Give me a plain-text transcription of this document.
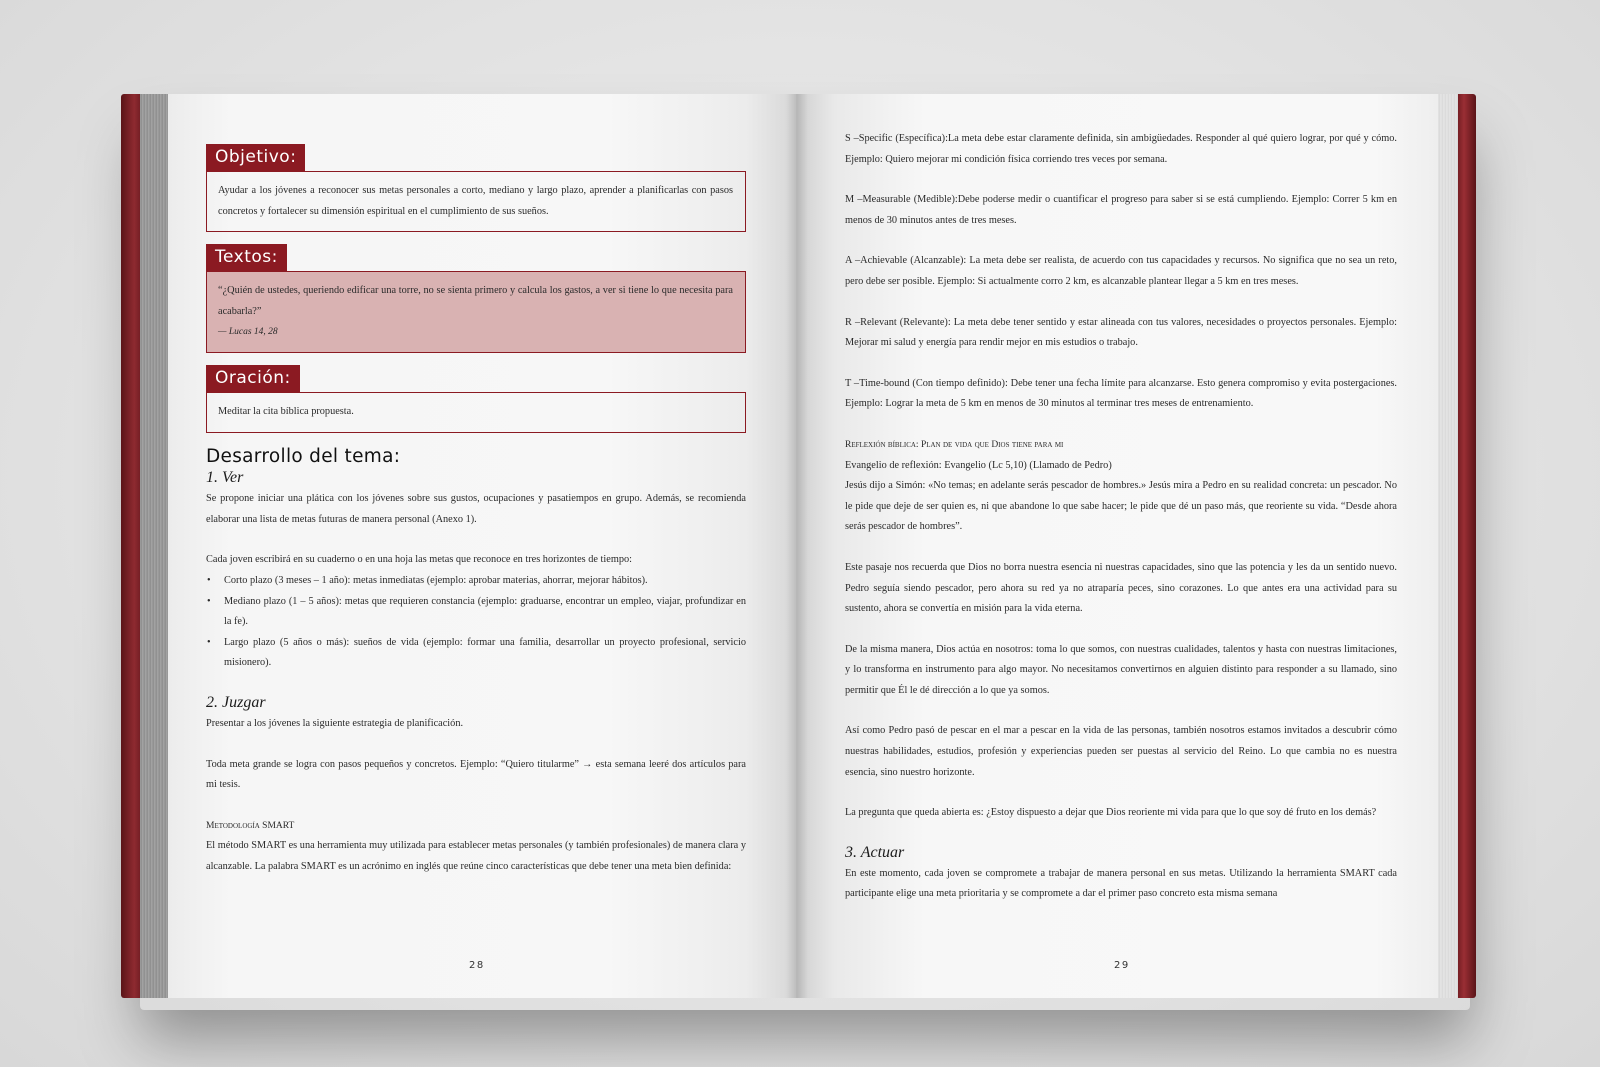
Objetivo:

Ayudar a los jóvenes a reconocer sus metas personales a corto, mediano y largo plazo, aprender a planificarlas con pasos concretos y fortalecer su dimensión espiritual en el cumplimiento de sus sueños.

Textos:

“¿Quién de ustedes, queriendo edificar una torre, no se sienta primero y calcula los gastos, a ver si tiene lo que necesita para acabarla?”

— Lucas 14, 28

Oración:

Meditar la cita bíblica propuesta.

Desarrollo del tema:
1. Ver

Se propone iniciar una plática con los jóvenes sobre sus gustos, ocupaciones y pasatiempos en grupo. Además, se recomienda elaborar una lista de metas futuras de manera personal (Anexo 1).

Cada joven escribirá en su cuaderno o en una hoja las metas que reconoce en tres horizontes de tiempo:

• Corto plazo (3 meses – 1 año): metas inmediatas (ejemplo: aprobar materias, ahorrar, mejorar hábitos).
• Mediano plazo (1 – 5 años): metas que requieren constancia (ejemplo: graduarse, encontrar un empleo, viajar, profundizar en la fe).
• Largo plazo (5 años o más): sueños de vida (ejemplo: formar una familia, desarrollar un proyecto profesional, servicio misionero).
2. Juzgar

Presentar a los jóvenes la siguiente estrategia de planificación.

Toda meta grande se logra con pasos pequeños y concretos. Ejemplo: “Quiero titularme” → esta semana leeré dos artículos para mi tesis.

Metodología SMART

El método SMART es una herramienta muy utilizada para establecer metas personales (y también profesionales) de manera clara y alcanzable. La palabra SMART es un acrónimo en inglés que reúne cinco características que debe tener una meta bien definida:

28

S –Specific (Específica):La meta debe estar claramente definida, sin ambigüedades. Responder al qué quiero lograr, por qué y cómo. Ejemplo: Quiero mejorar mi condición física corriendo tres veces por semana.

M –Measurable (Medible):Debe poderse medir o cuantificar el progreso para saber si se está cumpliendo. Ejemplo: Correr 5 km en menos de 30 minutos antes de tres meses.

A –Achievable (Alcanzable): La meta debe ser realista, de acuerdo con tus capacidades y recursos. No significa que no sea un reto, pero debe ser posible. Ejemplo: Si actualmente corro 2 km, es alcanzable plantear llegar a 5 km en tres meses.

R –Relevant (Relevante): La meta debe tener sentido y estar alineada con tus valores, necesidades o proyectos personales. Ejemplo: Mejorar mi salud y energía para rendir mejor en mis estudios o trabajo.

T –Time-bound (Con tiempo definido): Debe tener una fecha límite para alcanzarse. Esto genera compromiso y evita postergaciones. Ejemplo: Lograr la meta de 5 km en menos de 30 minutos al terminar tres meses de entrenamiento.

Reflexión bíblica: Plan de vida que Dios tiene para mi

Evangelio de reflexión: Evangelio (Lc 5,10) (Llamado de Pedro)

Jesús dijo a Simón: «No temas; en adelante serás pescador de hombres.» Jesús mira a Pedro en su realidad concreta: un pescador. No le pide que deje de ser quien es, ni que abandone lo que sabe hacer; le pide que dé un paso más, que reoriente su vida. “Desde ahora serás pescador de hombres”.

Este pasaje nos recuerda que Dios no borra nuestra esencia ni nuestras capacidades, sino que las potencia y les da un sentido nuevo. Pedro seguía siendo pescador, pero ahora su red ya no atraparía peces, sino corazones. Lo que antes era una actividad para su sustento, ahora se convertía en misión para la vida eterna.

De la misma manera, Dios actúa en nosotros: toma lo que somos, con nuestras cualidades, talentos y hasta con nuestras limitaciones, y lo transforma en instrumento para algo mayor. No necesitamos convertirnos en alguien distinto para responder a su llamado, sino permitir que Él le dé dirección a lo que ya somos.

Así como Pedro pasó de pescar en el mar a pescar en la vida de las personas, también nosotros estamos invitados a descubrir cómo nuestras habilidades, estudios, profesión y experiencias pueden ser puestas al servicio del Reino. Lo que cambia no es nuestra esencia, sino nuestro horizonte.

La pregunta que queda abierta es: ¿Estoy dispuesto a dejar que Dios reoriente mi vida para que lo que soy dé fruto en los demás?

3. Actuar

En este momento, cada joven se compromete a trabajar de manera personal en sus metas. Utilizando la herramienta SMART cada participante elige una meta prioritaria y se compromete a dar el primer paso concreto esta misma semana

29
